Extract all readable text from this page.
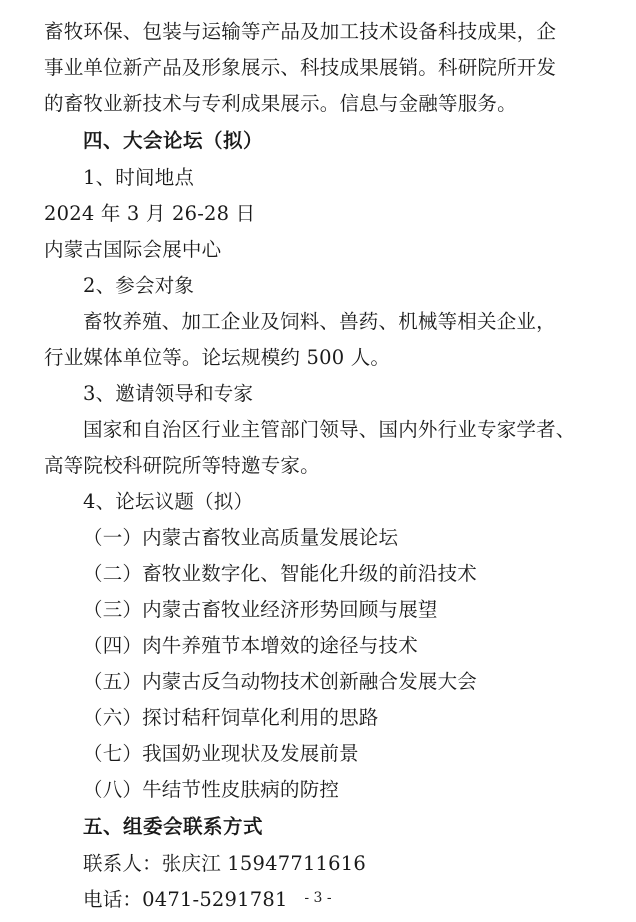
畜牧环保、包装与运输等产品及加工技术设备科技成果，企
事业单位新产品及形象展示、科技成果展销。科研院所开发
的畜牧业新技术与专利成果展示。信息与金融等服务。
四、大会论坛（拟）
1、时间地点
2024 年 3 月 26-28 日
内蒙古国际会展中心
2、参会对象
畜牧养殖、加工企业及饲料、兽药、机械等相关企业，
行业媒体单位等。论坛规模约 500 人。
3、邀请领导和专家
国家和自治区行业主管部门领导、国内外行业专家学者、
高等院校科研院所等特邀专家。
4、论坛议题（拟）
（一）内蒙古畜牧业高质量发展论坛
（二）畜牧业数字化、智能化升级的前沿技术
（三）内蒙古畜牧业经济形势回顾与展望
（四）肉牛养殖节本增效的途径与技术
（五）内蒙古反刍动物技术创新融合发展大会
（六）探讨秸秆饲草化利用的思路
（七）我国奶业现状及发展前景
（八）牛结节性皮肤病的防控
五、组委会联系方式
联系人：张庆江 15947711616
电话：0471-5291781	- 3 -
